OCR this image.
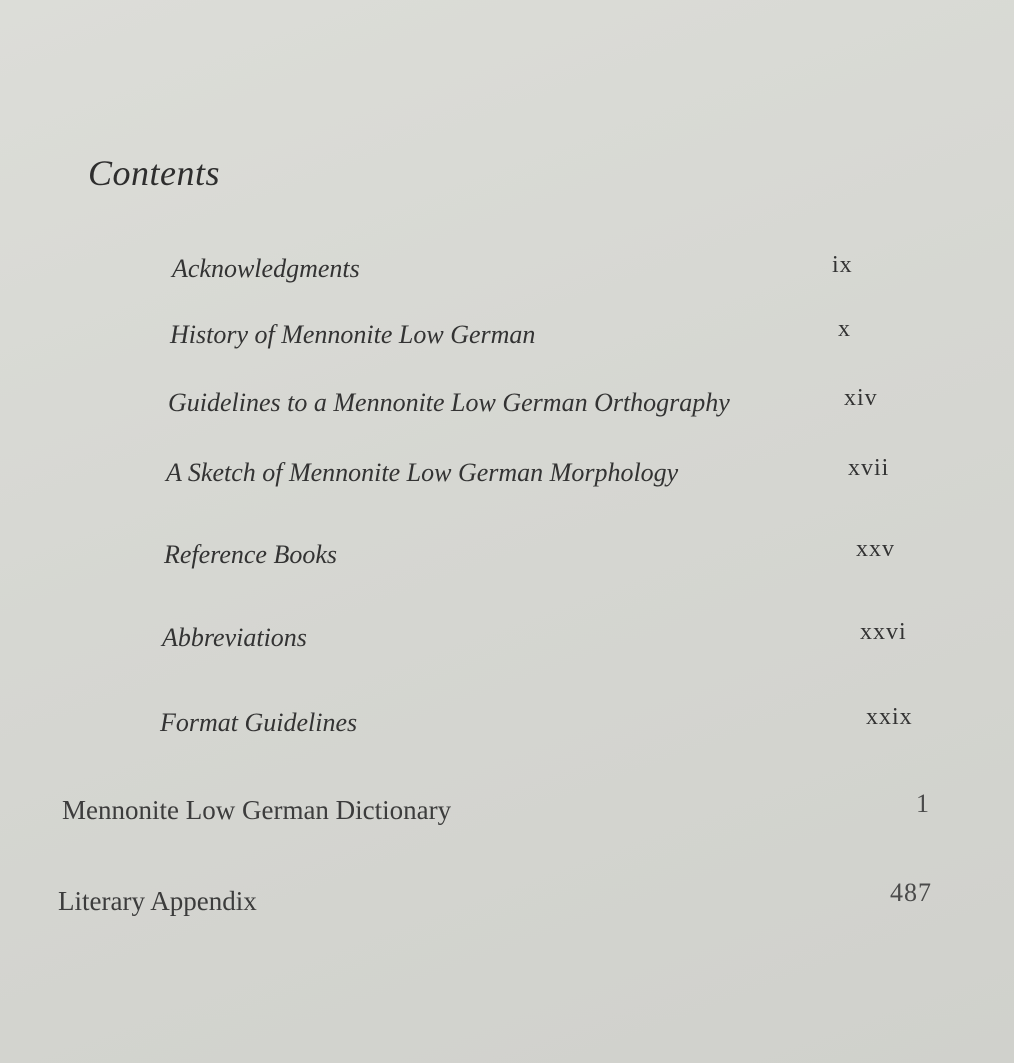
Contents
Acknowledgments	ix
History of Mennonite Low German	x
Guidelines to a Mennonite Low German Orthography	xiv
A Sketch of Mennonite Low German Morphology	xvii
Reference Books	xxv
Abbreviations	xxvi
Format Guidelines	xxix
Mennonite Low German Dictionary	1
Literary Appendix	487
